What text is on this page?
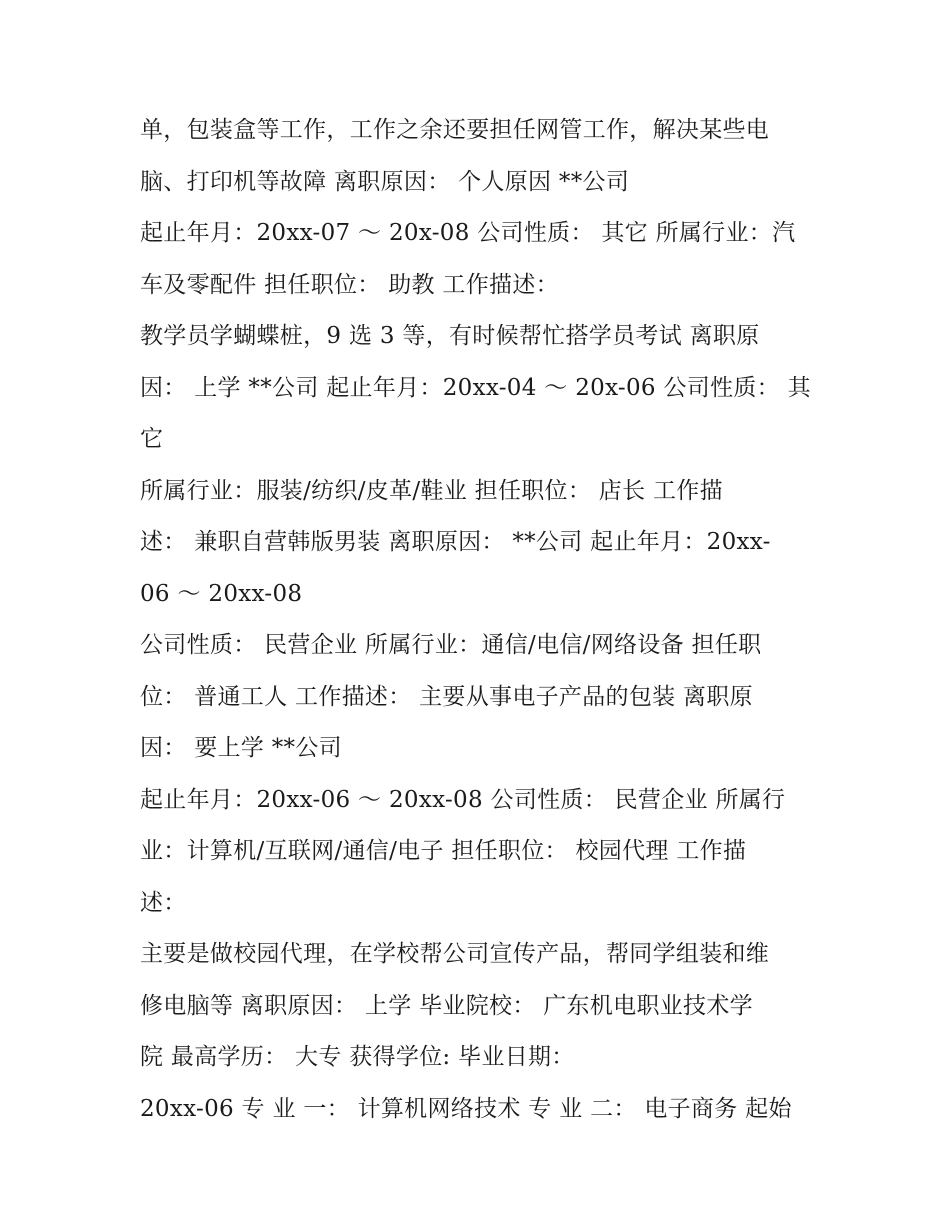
单，包装盒等工作，工作之余还要担任网管工作，解决某些电
脑、打印机等故障 离职原因： 个人原因 **公司
起止年月：20xx-07 ～ 20x-08 公司性质： 其它 所属行业：汽
车及零配件 担任职位： 助教 工作描述：
教学员学蝴蝶桩，9 选 3 等，有时候帮忙搭学员考试 离职原
因： 上学 **公司 起止年月：20xx-04 ～ 20x-06 公司性质： 其
它
所属行业：服装/纺织/皮革/鞋业 担任职位： 店长 工作描
述： 兼职自营韩版男装 离职原因： **公司 起止年月：20xx-
06 ～ 20xx-08
公司性质： 民营企业 所属行业：通信/电信/网络设备 担任职
位： 普通工人 工作描述： 主要从事电子产品的包装 离职原
因： 要上学 **公司
起止年月：20xx-06 ～ 20xx-08 公司性质： 民营企业 所属行
业：计算机/互联网/通信/电子 担任职位： 校园代理 工作描
述：
主要是做校园代理，在学校帮公司宣传产品，帮同学组装和维
修电脑等 离职原因： 上学 毕业院校： 广东机电职业技术学
院 最高学历： 大专 获得学位: 毕业日期：
20xx-06 专 业 一： 计算机网络技术 专 业 二： 电子商务 起始
